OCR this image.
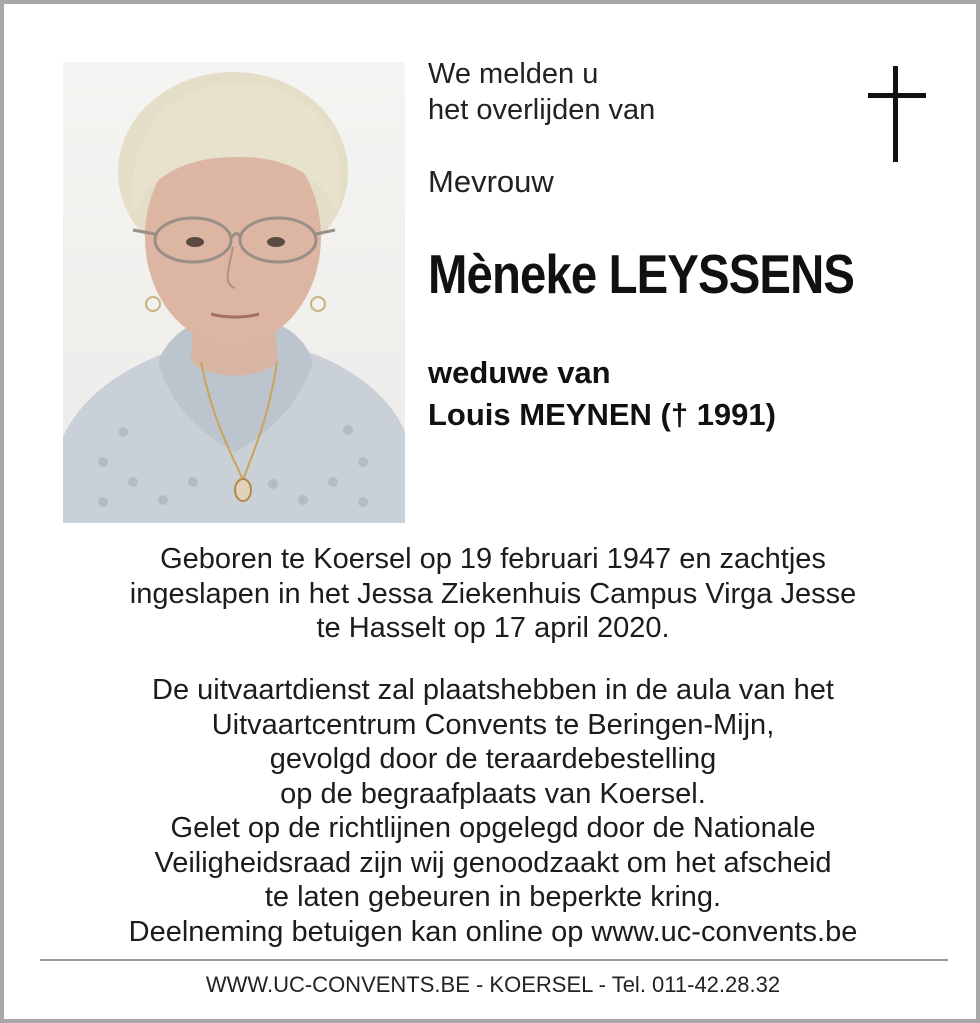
We melden u
het overlijden van
Mevrouw
Mèneke LEYSSENS
weduwe van
Louis MEYNEN († 1991)
Geboren te Koersel op 19 februari 1947 en zachtjes
ingeslapen in het Jessa Ziekenhuis Campus Virga Jesse
te Hasselt op 17 april 2020.
De uitvaartdienst zal plaatshebben in de aula van het
Uitvaartcentrum Convents te Beringen-Mijn,
gevolgd door de teraardebestelling
op de begraafplaats van Koersel.
Gelet op de richtlijnen opgelegd door de Nationale
Veiligheidsraad zijn wij genoodzaakt om het afscheid
te laten gebeuren in beperkte kring.
Deelneming betuigen kan online op www.uc-convents.be
WWW.UC-CONVENTS.BE - KOERSEL - Tel. 011-42.28.32
